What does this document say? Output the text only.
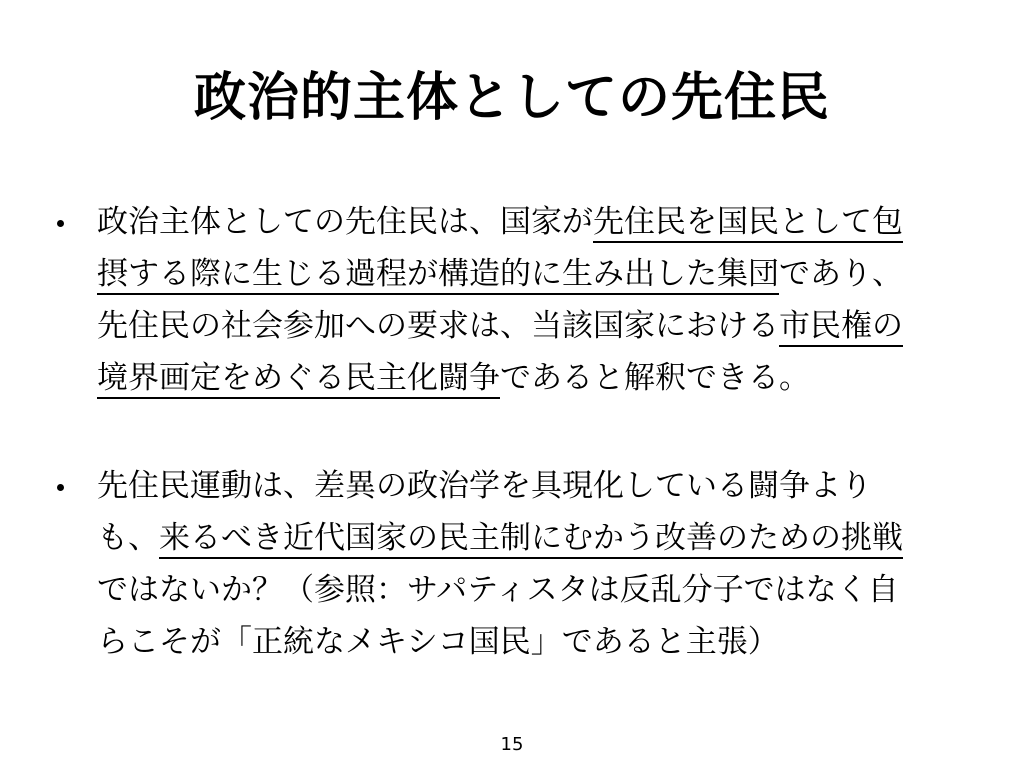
政治的主体としての先住民
政治主体としての先住民は、国家が先住民を国民として包
摂する際に生じる過程が構造的に生み出した集団であり、
先住民の社会参加への要求は、当該国家における市民権の
境界画定をめぐる民主化闘争であると解釈できる。
先住民運動は、差異の政治学を具現化している闘争より
も、来るべき近代国家の民主制にむかう改善のための挑戦
ではないか？（参照：サパティスタは反乱分子ではなく自
らこそが「正統なメキシコ国民」であると主張）
15
